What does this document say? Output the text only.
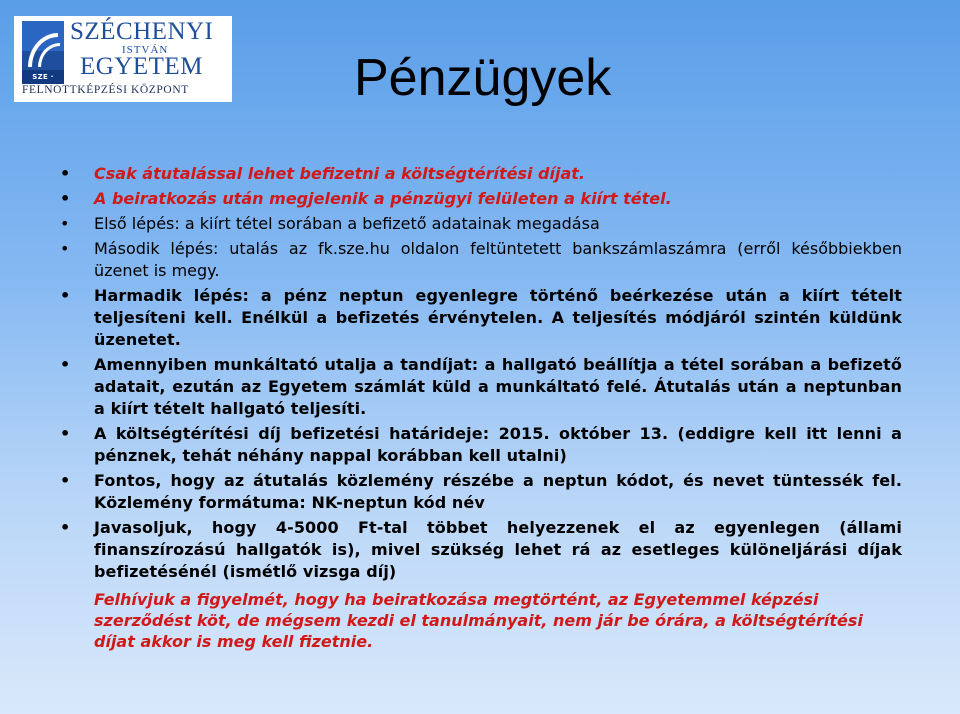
SZE ·
SZÉCHENYI
ISTVÁN
EGYETEM
FELNŐTTKÉPZÉSI KÖZPONT	Pénzügyek
• Csak átutalással lehet befizetni a költségtérítési díjat.
• A beiratkozás után megjelenik a pénzügyi felületen a kiírt tétel.
• Első lépés: a kiírt tétel sorában a befizető adatainak megadása
• Második lépés: utalás az fk.sze.hu oldalon feltüntetett bankszámlaszámra (erről későbbiekben üzenet is megy.
• Harmadik lépés: a pénz neptun egyenlegre történő beérkezése után a kiírt tételt teljesíteni kell. Enélkül a befizetés érvénytelen. A teljesítés módjáról szintén küldünk üzenetet.
• Amennyiben munkáltató utalja a tandíjat: a hallgató beállítja a tétel sorában a befizető adatait, ezután az Egyetem számlát küld a munkáltató felé. Átutalás után a neptunban a kiírt tételt hallgató teljesíti.
• A költségtérítési díj befizetési határideje: 2015. október 13. (eddigre kell itt lenni a pénznek, tehát néhány nappal korábban kell utalni)
• Fontos, hogy az átutalás közlemény részébe a neptun kódot, és nevet tüntessék fel. Közlemény formátuma: NK-neptun kód név
• Javasoljuk, hogy 4-5000 Ft-tal többet helyezzenek el az egyenlegen (állami finanszírozású hallgatók is), mivel szükség lehet rá az esetleges különeljárási díjak befizetésénél (ismétlő vizsga díj)
Felhívjuk a figyelmét, hogy ha beiratkozása megtörtént, az Egyetemmel képzési szerződést köt, de mégsem kezdi el tanulmányait, nem jár be órára, a költségtérítési díjat akkor is meg kell fizetnie.
